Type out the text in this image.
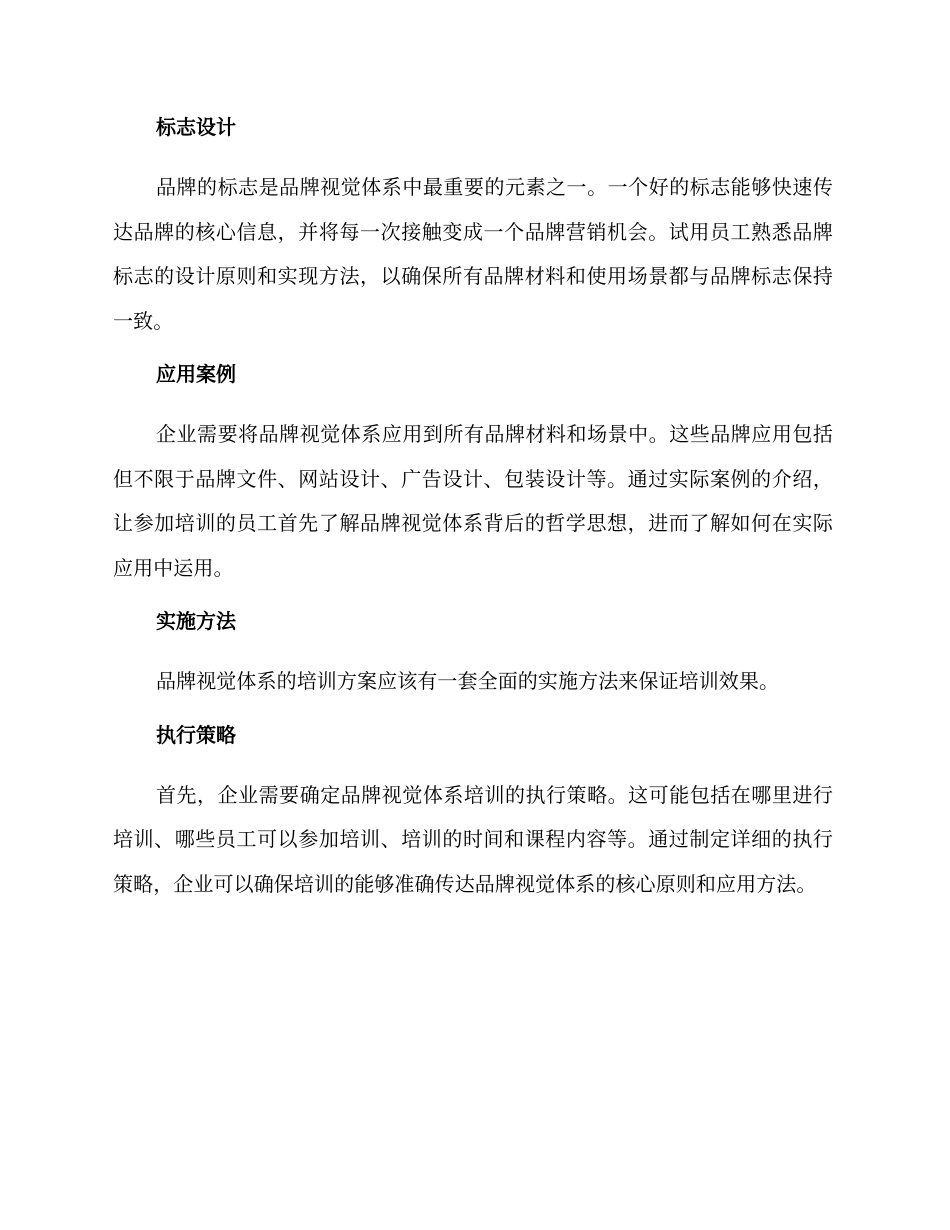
标志设计

品牌的标志是品牌视觉体系中最重要的元素之一。一个好的标志能够快速传达品牌的核心信息，并将每一次接触变成一个品牌营销机会。试用员工熟悉品牌标志的设计原则和实现方法，以确保所有品牌材料和使用场景都与品牌标志保持一致。

应用案例

企业需要将品牌视觉体系应用到所有品牌材料和场景中。这些品牌应用包括但不限于品牌文件、网站设计、广告设计、包装设计等。通过实际案例的介绍，让参加培训的员工首先了解品牌视觉体系背后的哲学思想，进而了解如何在实际应用中运用。

实施方法

品牌视觉体系的培训方案应该有一套全面的实施方法来保证培训效果。

执行策略

首先，企业需要确定品牌视觉体系培训的执行策略。这可能包括在哪里进行培训、哪些员工可以参加培训、培训的时间和课程内容等。通过制定详细的执行策略，企业可以确保培训的能够准确传达品牌视觉体系的核心原则和应用方法。
